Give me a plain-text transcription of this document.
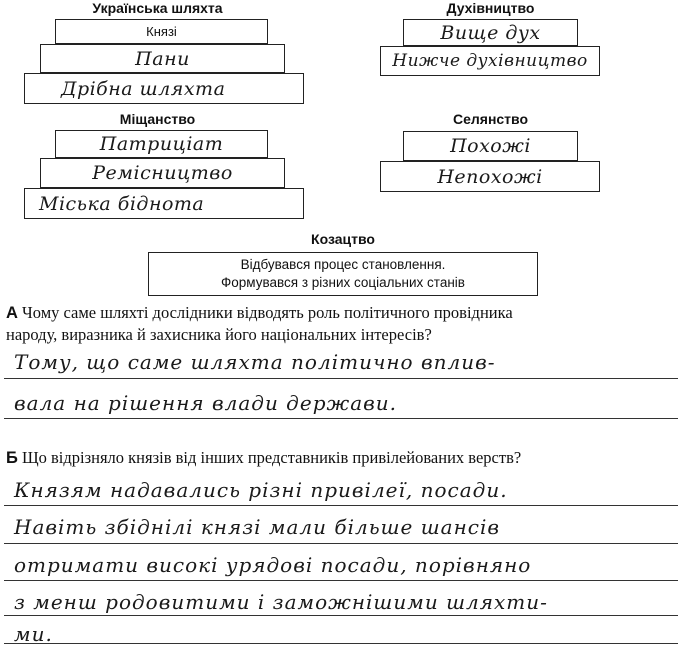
Українська шляхта
Князі
Пани
Дрібна шляхта
Духівництво
Вище дух
Нижче духівництво
Міщанство
Патриціат
Ремісництво
Міська біднота
Селянство
Похожі
Непохожі
Козацтво
Відбувався процес становлення.
Формувався з різних соціальних станів
А Чому саме шляхті дослідники відводять роль політичного провідника
народу, виразника й захисника його національних інтересів?
Тому, що саме шляхта політично вплив-
вала на рішення влади держави.
Б Що відрізняло князів від інших представників привілейованих верств?
Князям надавались різні привілеї, посади.
Навіть збіднілі князі мали більше шансів
отримати високі урядові посади, порівняно
з менш родовитими і заможнішими шляхти-
ми.
